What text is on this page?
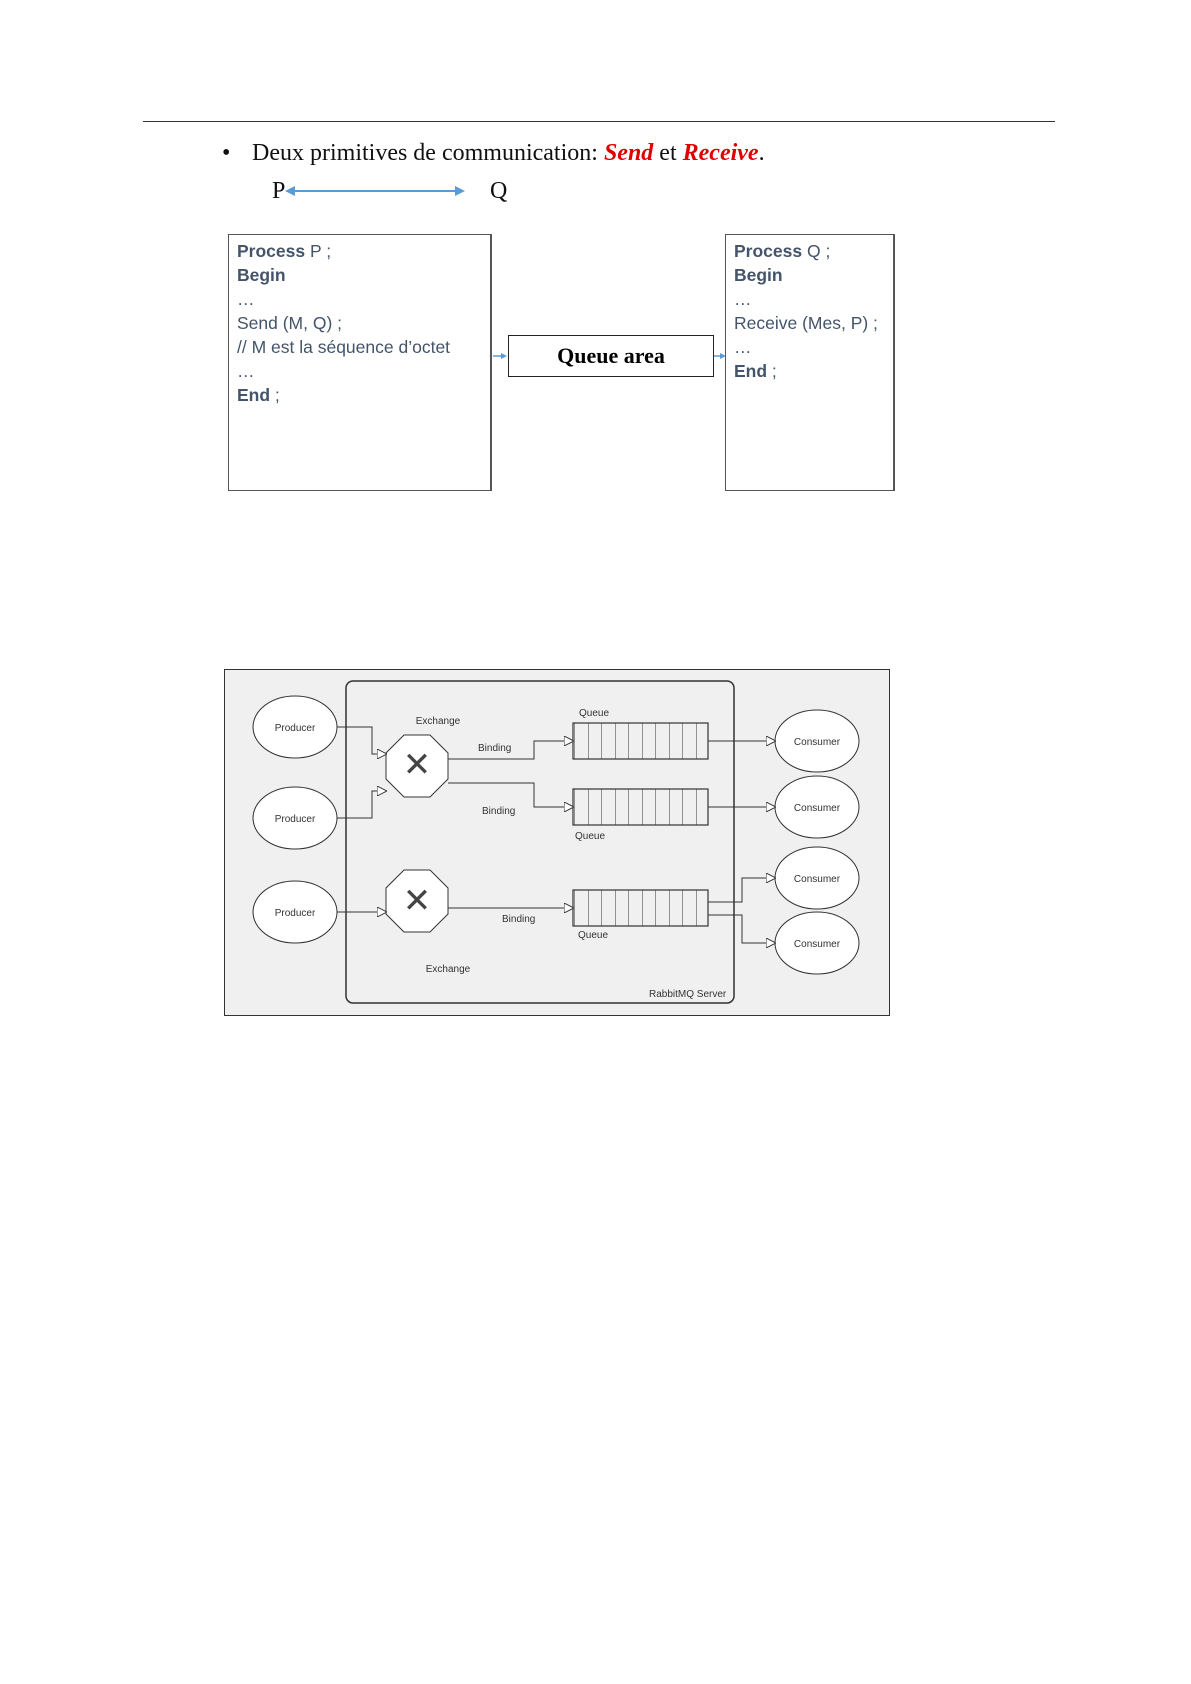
• Deux primitives de communication: Send et Receive.
P	Q
Process P ;
Begin
…
Send (M, Q) ;
// M est la séquence d’octet
…
End ;
Queue area
Process Q ;
Begin
…
Receive (Mes, P) ;
…
End ;
RabbitMQ Server
Producer
Producer
Producer
✕
Exchange
✕
Exchange
Queue
Queue
Queue
Binding
Binding
Binding
Consumer
Consumer
Consumer
Consumer
